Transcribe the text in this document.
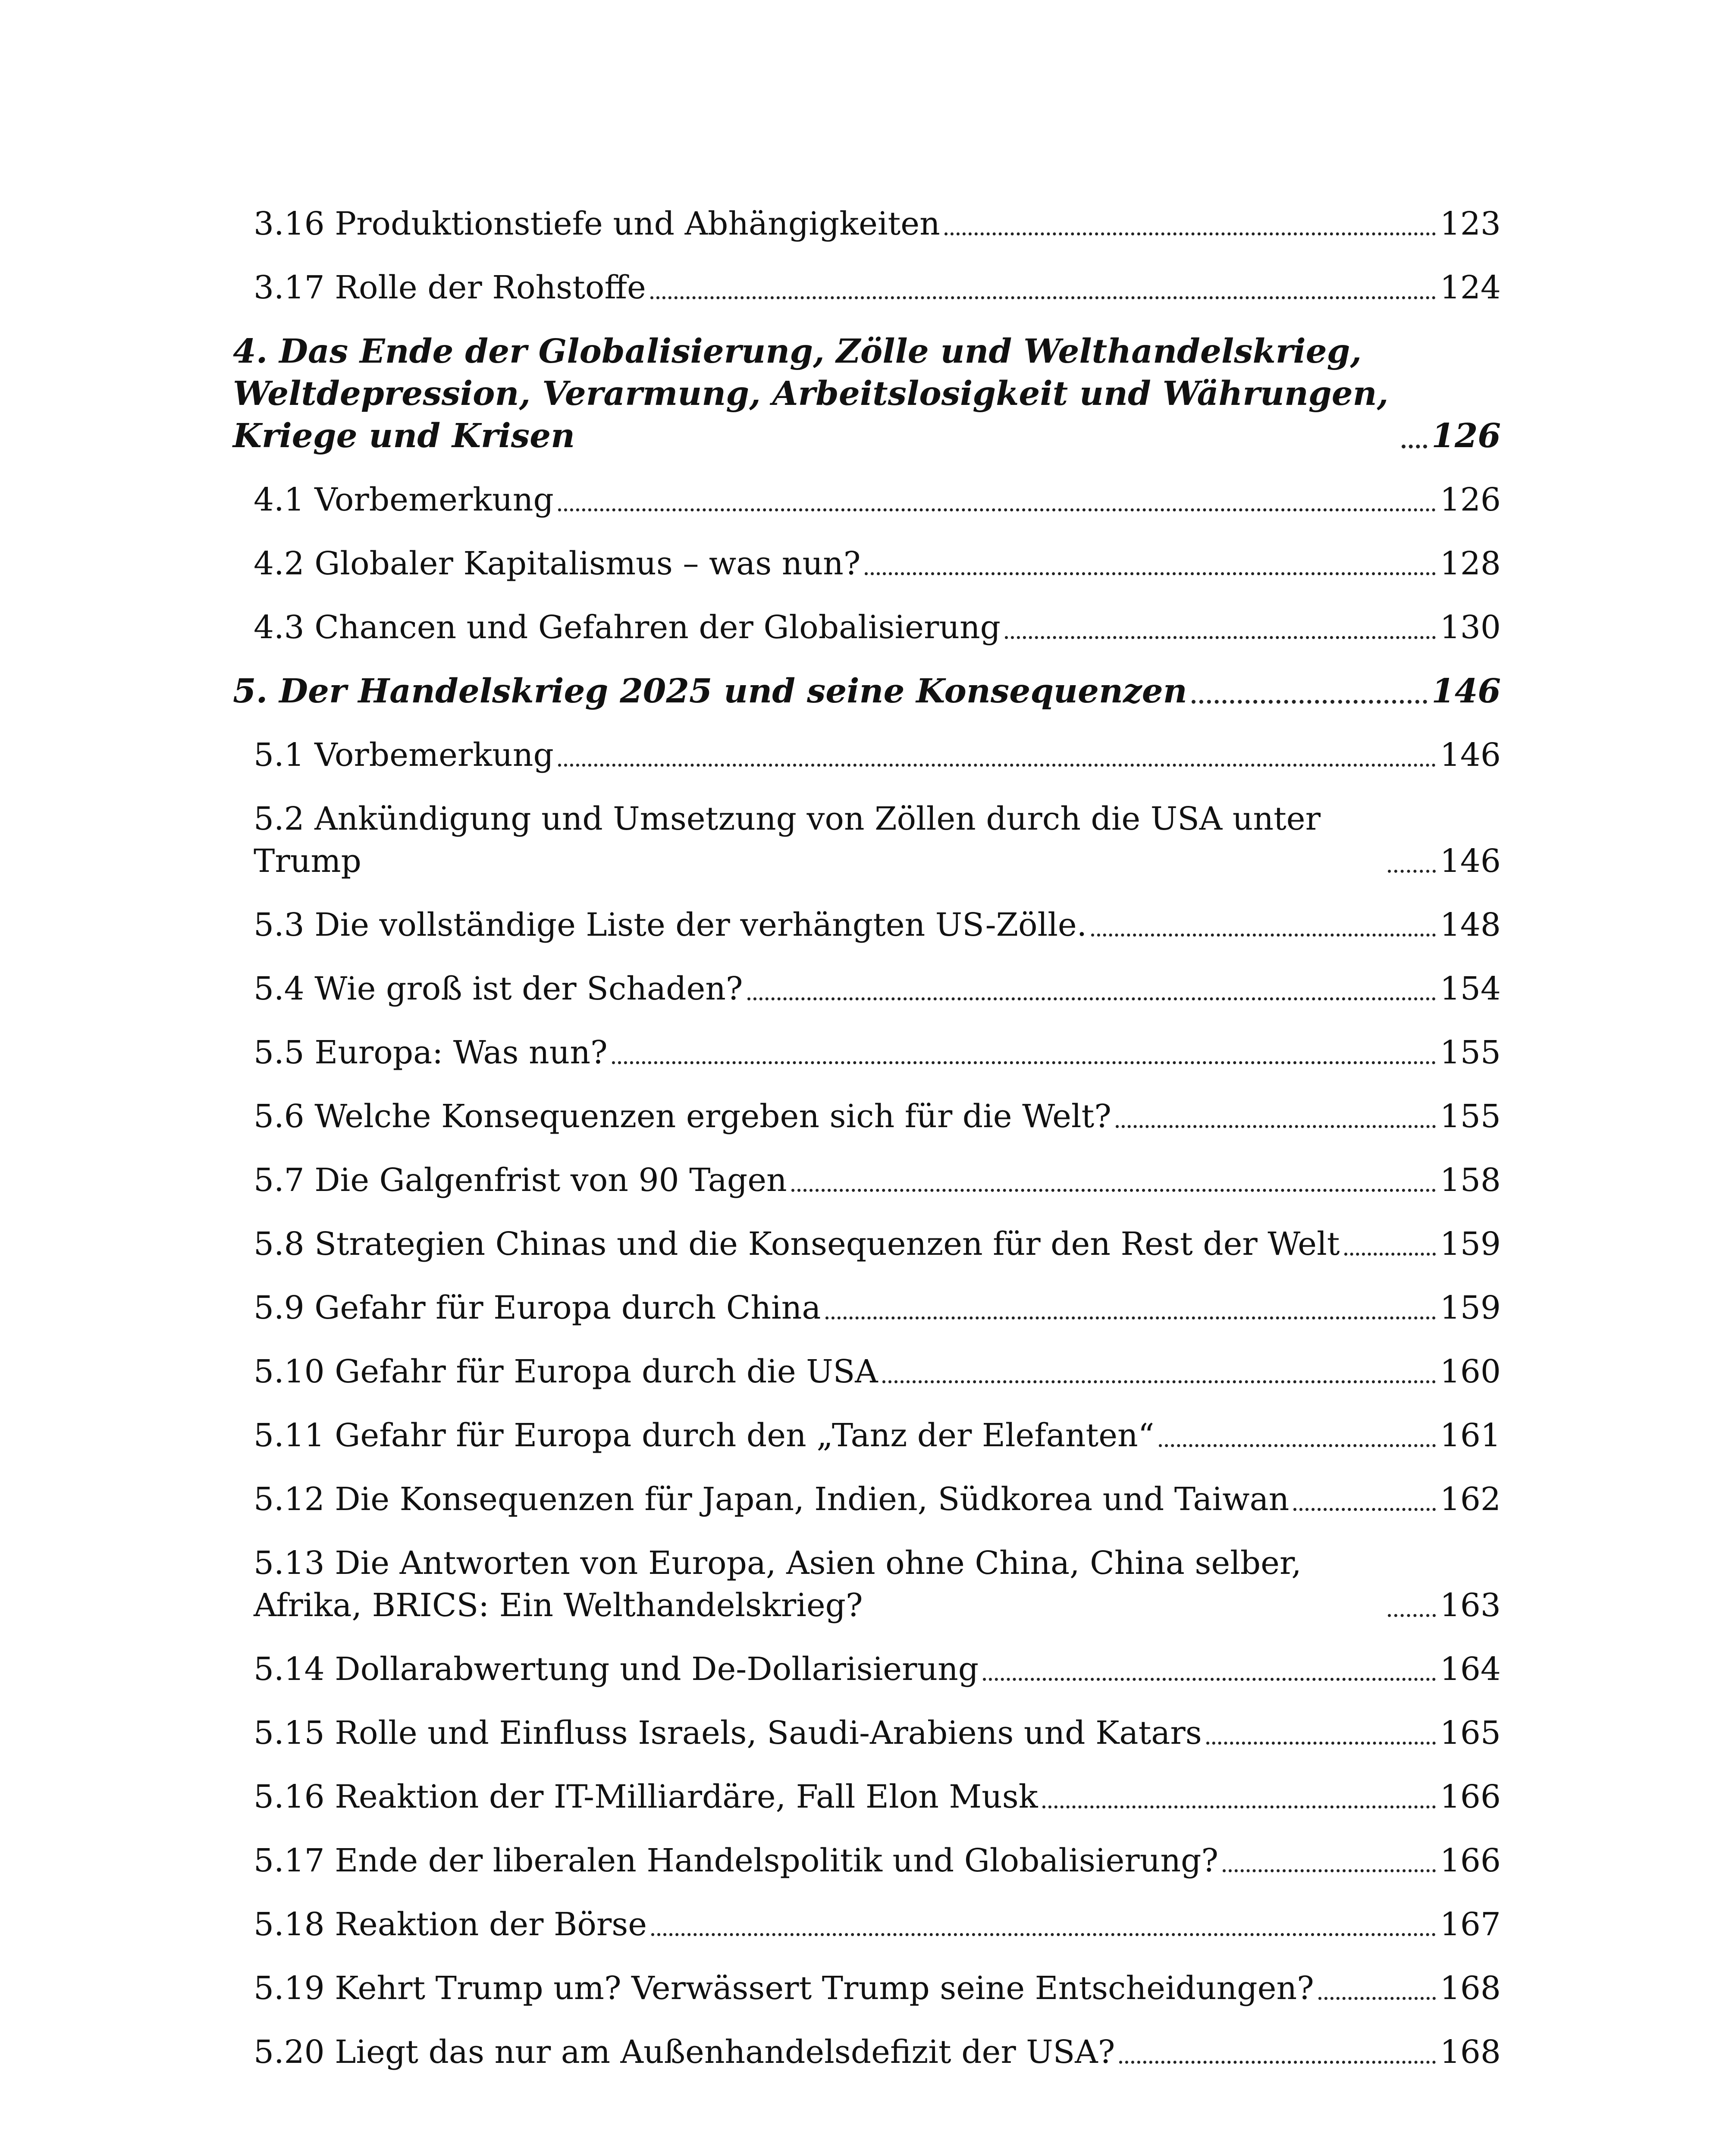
3.16 Produktionstiefe und Abhängigkeiten	123
3.17 Rolle der Rohstoffe	124
4. Das Ende der Globalisierung, Zölle und Welthandelskrieg, Weltdepression, Verarmung, Arbeitslosigkeit und Währungen, Kriege und Krisen	126
4.1 Vorbemerkung	126
4.2 Globaler Kapitalismus – was nun?	128
4.3 Chancen und Gefahren der Globalisierung	130
5. Der Handelskrieg 2025 und seine Konsequenzen	146
5.1 Vorbemerkung	146
5.2 Ankündigung und Umsetzung von Zöllen durch die USA unter Trump	146
5.3 Die vollständige Liste der verhängten US-Zölle.	148
5.4 Wie groß ist der Schaden?	154
5.5 Europa: Was nun?	155
5.6 Welche Konsequenzen ergeben sich für die Welt?	155
5.7 Die Galgenfrist von 90 Tagen	158
5.8 Strategien Chinas und die Konsequenzen für den Rest der Welt	159
5.9 Gefahr für Europa durch China	159
5.10 Gefahr für Europa durch die USA	160
5.11 Gefahr für Europa durch den „Tanz der Elefanten“	161
5.12 Die Konsequenzen für Japan, Indien, Südkorea und Taiwan	162
5.13 Die Antworten von Europa, Asien ohne China, China selber, Afrika, BRICS: Ein Welthandelskrieg?	163
5.14 Dollarabwertung und De-Dollarisierung	164
5.15 Rolle und Einfluss Israels, Saudi-Arabiens und Katars	165
5.16 Reaktion der IT-Milliardäre, Fall Elon Musk	166
5.17 Ende der liberalen Handelspolitik und Globalisierung?	166
5.18 Reaktion der Börse	167
5.19 Kehrt Trump um? Verwässert Trump seine Entscheidungen?	168
5.20 Liegt das nur am Außenhandelsdefizit der USA?	168
